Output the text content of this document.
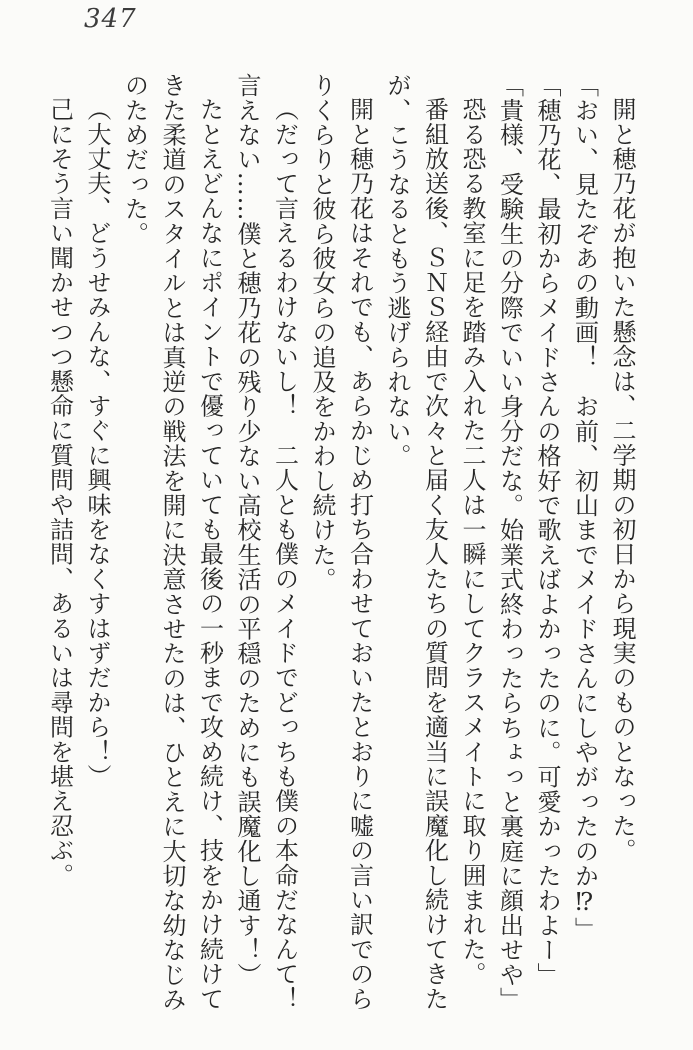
347

開と穂乃花が抱いた懸念は、二学期の初日から現実のものとなった。

「おい、見たぞあの動画！　お前、初山までメイドさんにしやがったのか⁉」

「穂乃花、最初からメイドさんの格好で歌えばよかったのに。可愛かったわよー」

「貴様、受験生の分際でいい身分だな。始業式終わったらちょっと裏庭に顔出せや」

恐る恐る教室に足を踏み入れた二人は一瞬にしてクラスメイトに取り囲まれた。

番組放送後、ＳＮＳ経由で次々と届く友人たちの質問を適当に誤魔化し続けてきたが、こうなるともう逃げられない。

開と穂乃花はそれでも、あらかじめ打ち合わせておいたとおりに嘘の言い訳でのらりくらりと彼ら彼女らの追及をかわし続けた。

（だって言えるわけないし！　二人とも僕のメイドでどっちも僕の本命だなんて！言えない……僕と穂乃花の残り少ない高校生活の平穏のためにも誤魔化し通す！）

たとえどんなにポイントで優っていても最後の一秒まで攻め続け、技をかけ続けてきた柔道のスタイルとは真逆の戦法を開に決意させたのは、ひとえに大切な幼なじみのためだった。

（大丈夫、どうせみんな、すぐに興味をなくすはずだから！）

己にそう言い聞かせつつ懸命に質問や詰問、あるいは尋問を堪え忍ぶ。
